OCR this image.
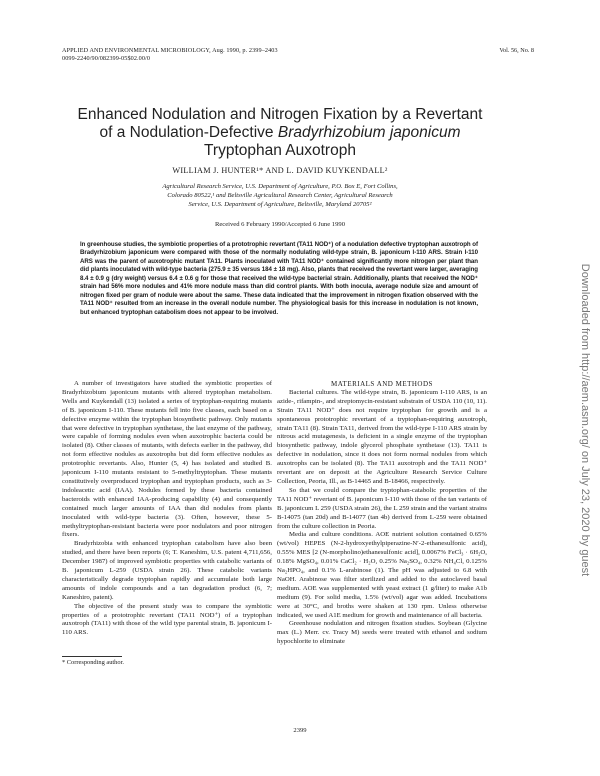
APPLIED AND ENVIRONMENTAL MICROBIOLOGY, Aug. 1990, p. 2399–2403
0099-2240/90/082399-05$02.00/0
Vol. 56, No. 8
Enhanced Nodulation and Nitrogen Fixation by a Revertant
of a Nodulation-Defective Bradyrhizobium japonicum
Tryptophan Auxotroph
WILLIAM J. HUNTER¹* AND L. DAVID KUYKENDALL²
Agricultural Research Service, U.S. Department of Agriculture, P.O. Box E, Fort Collins,
Colorado 80522,¹ and Beltsville Agricultural Research Center, Agricultural Research
Service, U.S. Department of Agriculture, Beltsville, Maryland 20705²
Received 6 February 1990/Accepted 6 June 1990
In greenhouse studies, the symbiotic properties of a prototrophic revertant (TA11 NOD⁺) of a nodulation defective tryptophan auxotroph of Bradyrhizobium japonicum were compared with those of the normally nodulating wild-type strain, B. japonicum I-110 ARS. Strain I-110 ARS was the parent of auxotrophic mutant TA11. Plants inoculated with TA11 NOD⁺ contained significantly more nitrogen per plant than did plants inoculated with wild-type bacteria (275.9 ± 35 versus 184 ± 18 mg). Also, plants that received the revertant were larger, averaging 8.4 ± 0.9 g (dry weight) versus 6.4 ± 0.6 g for those that received the wild-type bacterial strain. Additionally, plants that received the NOD⁺ strain had 56% more nodules and 41% more nodule mass than did control plants. With both inocula, average nodule size and amount of nitrogen fixed per gram of nodule were about the same. These data indicated that the improvement in nitrogen fixation observed with the TA11 NOD⁺ resulted from an increase in the overall nodule number. The physiological basis for this increase in nodulation is not known, but enhanced tryptophan catabolism does not appear to be involved.

A number of investigators have studied the symbiotic properties of Bradyrhizobium japonicum mutants with altered tryptophan metabolism. Wells and Kuykendall (13) isolated a series of tryptophan-requiring mutants of B. japonicum I-110. These mutants fell into five classes, each based on a defective enzyme within the tryptophan biosynthetic pathway. Only mutants that were defective in tryptophan synthetase, the last enzyme of the pathway, were capable of forming nodules even when auxotrophic bacteria could be isolated (8). Other classes of mutants, with defects earlier in the pathway, did not form effective nodules as auxotrophs but did form effective nodules as prototrophic revertants. Also, Hunter (5, 4) has isolated and studied B. japonicum I-110 mutants resistant to 5-methyltryptophan. These mutants constitutively overproduced tryptophan and tryptophan products, such as 3-indoleacetic acid (IAA). Nodules formed by these bacteria contained bacteroids with enhanced IAA-producing capability (4) and consequently contained much larger amounts of IAA than did nodules from plants inoculated with wild-type bacteria (3). Often, however, these 5-methyltryptophan-resistant bacteria were poor nodulators and poor nitrogen fixers.

Bradyrhizobia with enhanced tryptophan catabolism have also been studied, and there have been reports (6; T. Kaneshim, U.S. patent 4,711,656, December 1987) of improved symbiotic properties with catabolic variants of B. japonicum L-259 (USDA strain 26). These catabolic variants characteristically degrade tryptophan rapidly and accumulate both large amounts of indole compounds and a tan degradation product (6, 7; Kaneshiro, patent).

The objective of the present study was to compare the symbiotic properties of a prototrophic revertant (TA11 NOD⁺) of a tryptophan auxotroph (TA11) with those of the wild type parental strain, B. japonicum I-110 ARS.

MATERIALS AND METHODS

Bacterial cultures. The wild-type strain, B. japonicum I-110 ARS, is an azide-, rifampin-, and streptomycin-resistant substrain of USDA 110 (10, 11). Strain TA11 NOD⁺ does not require tryptophan for growth and is a spontaneous prototrophic revertant of a tryptophan-requiring auxotroph, strain TA11 (8). Strain TA11, derived from the wild-type I-110 ARS strain by nitrous acid mutagenesis, is deficient in a single enzyme of the tryptophan biosynthetic pathway, indole glycerol phosphate synthetase (13). TA11 is defective in nodulation, since it does not form normal nodules from which auxotrophs can be isolated (8). The TA11 auxotroph and the TA11 NOD⁺ revertant are on deposit at the Agriculture Research Service Culture Collection, Peoria, Ill., as B-14465 and B-18466, respectively.

So that we could compare the tryptophan-catabolic properties of the TA11 NOD⁺ revertant of B. japonicum I-110 with those of the tan variants of B. japonicum L 259 (USDA strain 26), the L 259 strain and the variant strains B-14075 (tan 20d) and B-14077 (tan 4b) derived from L-259 were obtained from the culture collection in Peoria.

Media and culture conditions. AOE nutrient solution contained 0.65% (wt/vol) HEPES (N-2-hydroxyethylpiperazine-N′-2-ethanesulfonic acid), 0.55% MES [2 (N-morpholino)ethanesulfonic acid], 0.0067% FeCl₃ · 6H₂O, 0.18% MgSO₄, 0.01% CaCl₂ · H₂O, 0.25% Na₂SO₄, 0.32% NH₄Cl, 0.125% Na₂HPO₄, and 0.1% L-arabinose (1). The pH was adjusted to 6.8 with NaOH. Arabinose was filter sterilized and added to the autoclaved basal medium. AOE was supplemented with yeast extract (1 g/liter) to make A1b medium (9). For solid media, 1.5% (wt/vol) agar was added. Incubations were at 30°C, and broths were shaken at 130 rpm. Unless otherwise indicated, we used A1E medium for growth and maintenance of all bacteria.

Greenhouse nodulation and nitrogen fixation studies. Soybean (Glycine max (L.) Merr. cv. Tracy M) seeds were treated with ethanol and sodium hypochlorite to eliminate

* Corresponding author.
2399
Downloaded from http://aem.asm.org/ on July 23, 2020 by guest
